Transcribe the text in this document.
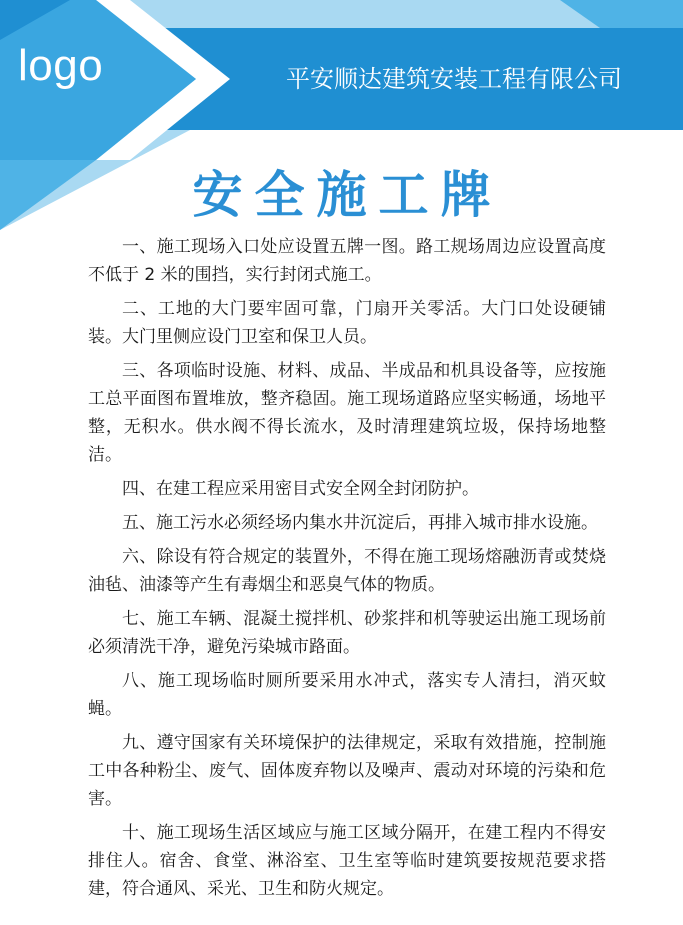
logo	平安顺达建筑安装工程有限公司
安全施工牌

一、施工现场入口处应设置五牌一图。路工规场周边应设置高度不低于 2 米的围挡，实行封闭式施工。

二、工地的大门要牢固可靠，门扇开关零活。大门口处设硬铺装。大门里侧应设门卫室和保卫人员。

三、各项临时设施、材料、成品、半成品和机具设备等，应按施工总平面图布置堆放，整齐稳固。施工现场道路应坚实畅通，场地平整，无积水。供水阀不得长流水，及时清理建筑垃圾，保持场地整洁。

四、在建工程应采用密目式安全网全封闭防护。

五、施工污水必须经场内集水井沉淀后，再排入城市排水设施。

六、除设有符合规定的装置外，不得在施工现场熔融沥青或焚烧油毡、油漆等产生有毒烟尘和恶臭气体的物质。

七、施工车辆、混凝土搅拌机、砂浆拌和机等驶运出施工现场前必须清洗干净，避免污染城市路面。

八、施工现场临时厕所要采用水冲式，落实专人清扫，消灭蚊蝇。

九、遵守国家有关环境保护的法律规定，采取有效措施，控制施工中各种粉尘、废气、固体废弃物以及噪声、震动对环境的污染和危害。

十、施工现场生活区域应与施工区域分隔开，在建工程内不得安排住人。宿舍、食堂、淋浴室、卫生室等临时建筑要按规范要求搭建，符合通风、采光、卫生和防火规定。
